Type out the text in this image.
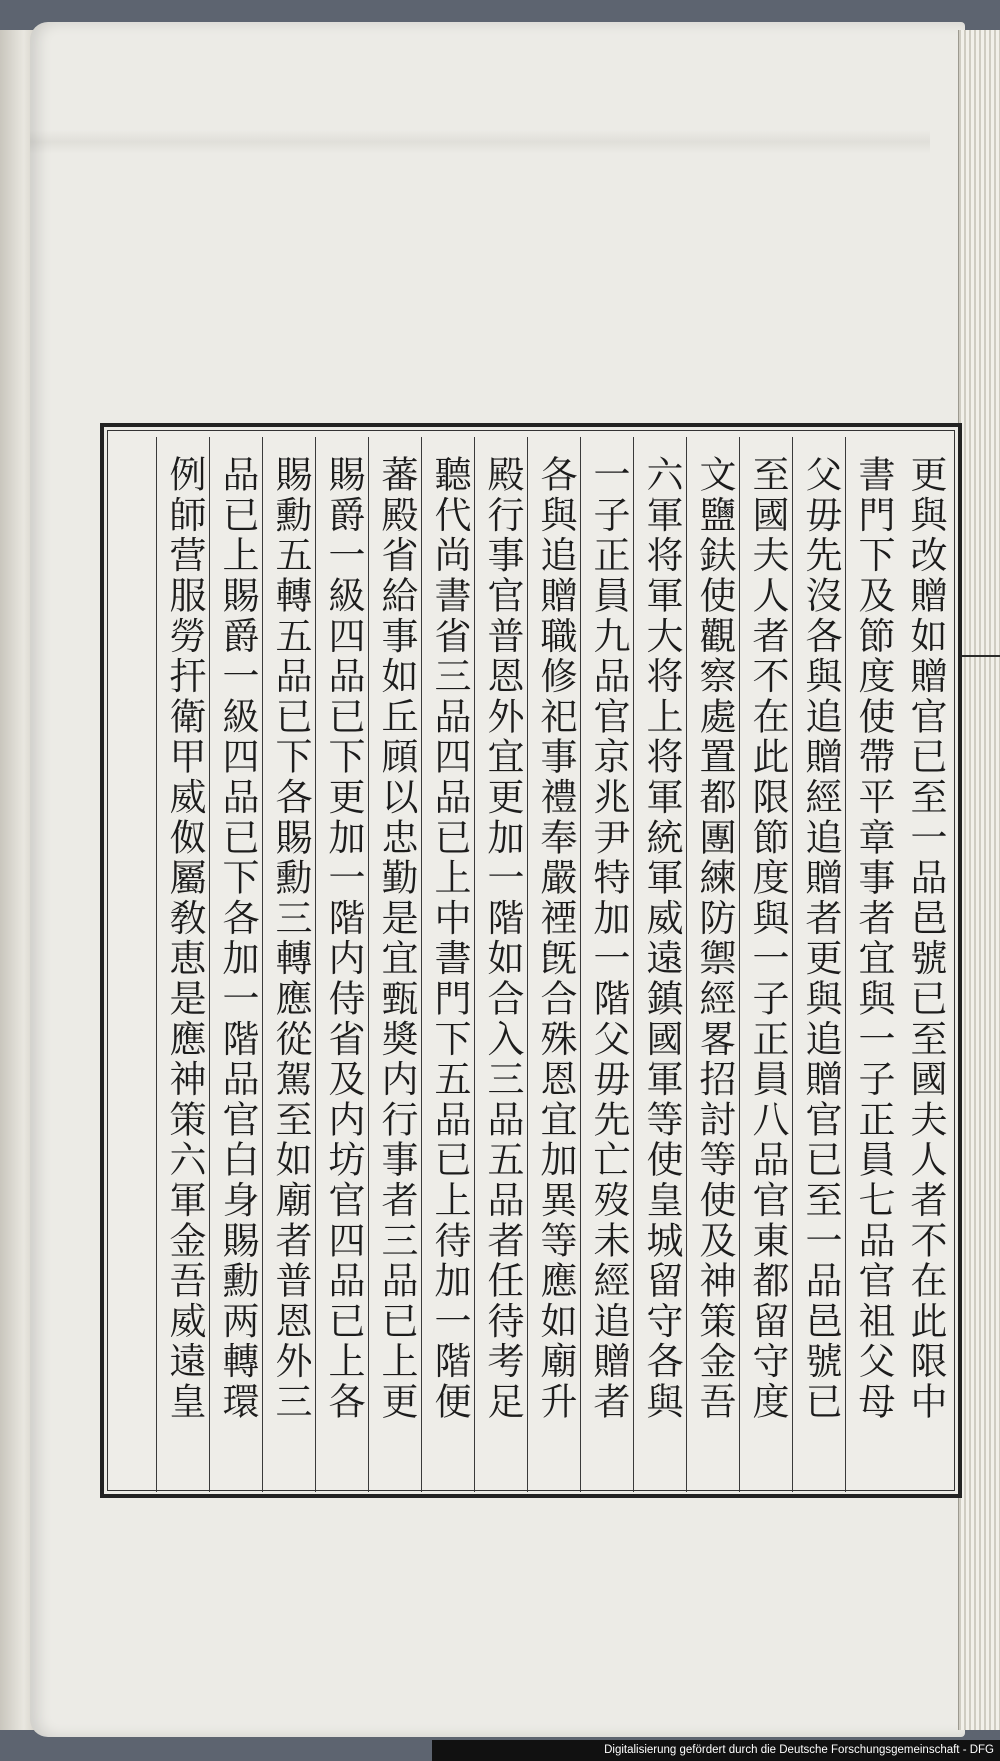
更與改贈如贈官已至一品邑號已至國夫人者不在此限中
書門下及節度使帶平章事者宜與一子正員七品官祖父母
父毋先沒各與追贈經追贈者更與追贈官已至一品邑號已
至國夫人者不在此限節度與一子正員八品官東都留守度
文鹽鈇使觀察處置都團練防禦經畧招討等使及神策金吾
六軍将軍大将上将軍統軍威遠鎮國軍等使皇城留守各與
一子正員九品官京兆尹特加一階父毋先亡歿未經追贈者
各與追贈職修祀事禮奉嚴禋旣合殊恩宜加異等應如廟升
殿行事官普恩外宜更加一階如合入三品五品者任待考足
聽代尚書省三品四品已上中書門下五品已上待加一階便
蕃殿省給事如丘頋以忠勤是宜甄奬内行事者三品已上更
賜爵一級四品已下更加一階内侍省及内坊官四品已上各
賜勳五轉五品已下各賜勳三轉應從駕至如廟者普恩外三
品已上賜爵一級四品已下各加一階品官白身賜勳两轉環
例師营服勞扞衛甲威伮屬敎恵是應神策六軍金吾威遠皇
Digitalisierung gefördert durch die Deutsche Forschungsgemeinschaft - DFG
